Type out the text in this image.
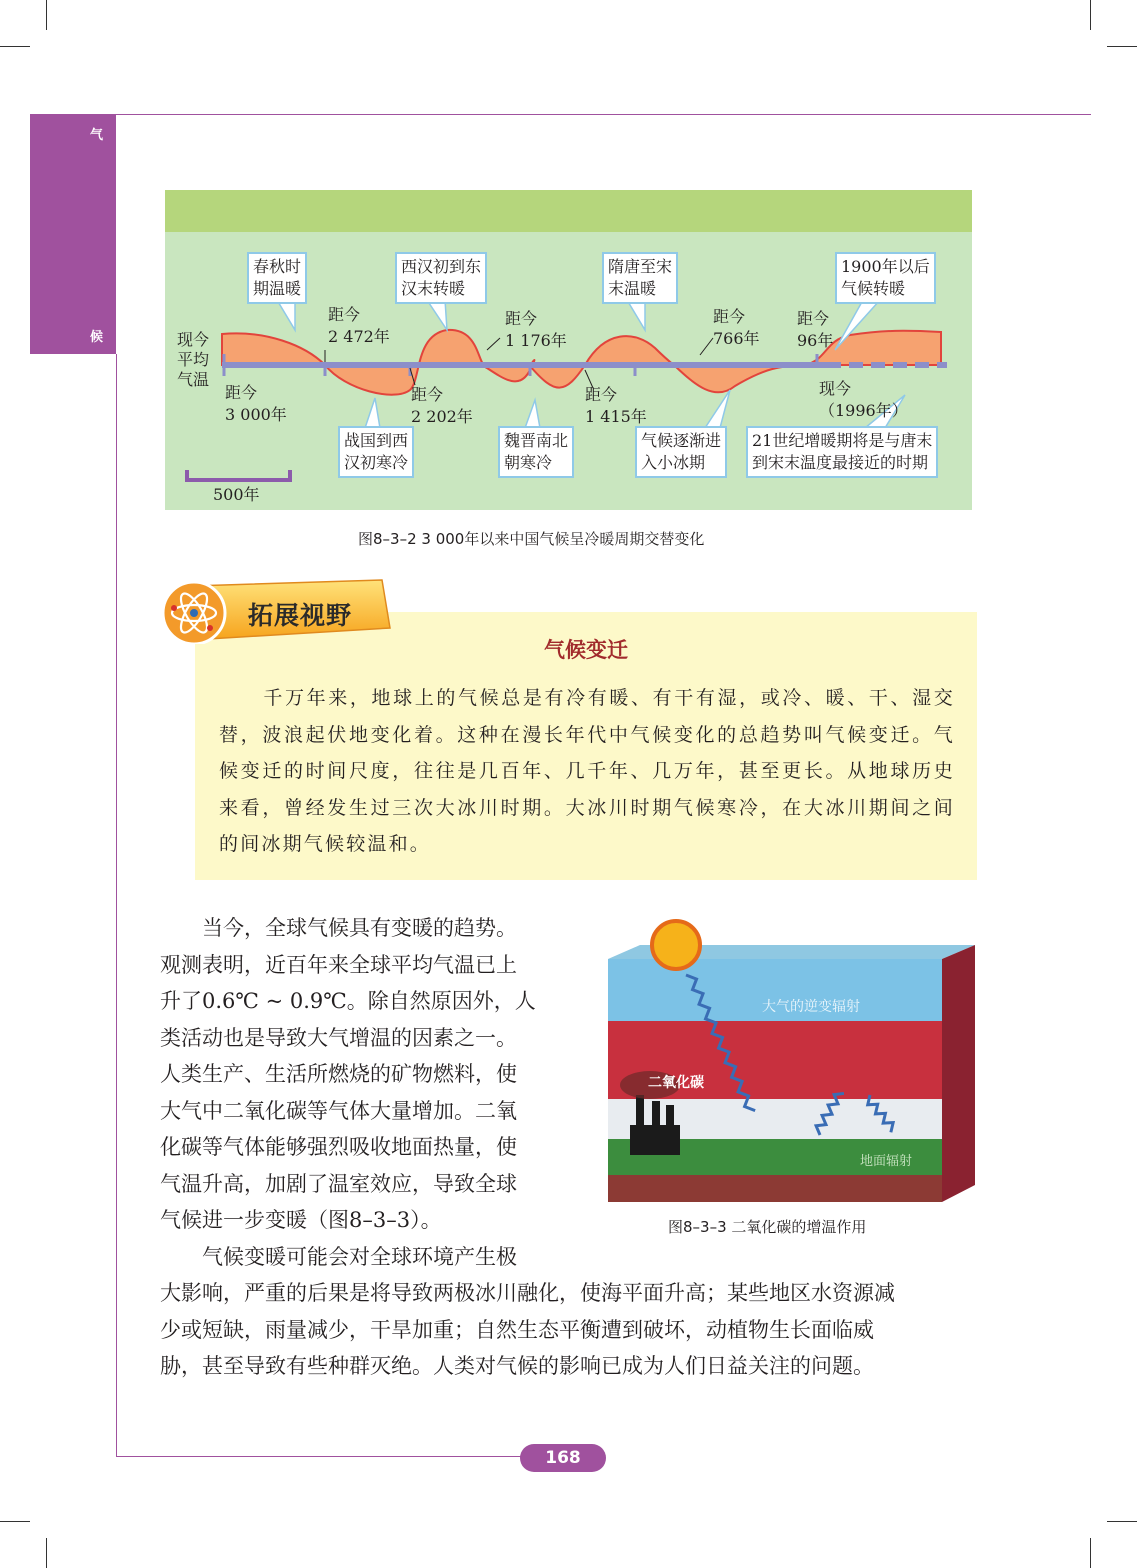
气
候	现今平均气温
距今
2 472年
距今
1 176年
距今
766年
距今
96年
距今
3 000年
距今
2 202年
距今
1 415年
现今
（1996年）
春秋时
期温暖
西汉初到东
汉末转暖
隋唐至宋
末温暖
1900年以后
气候转暖
战国到西
汉初寒冷
魏晋南北
朝寒冷
气候逐渐进
入小冰期
21世纪增暖期将是与唐末
到宋末温度最接近的时期
500年
图8–3–2 3 000年以来中国气候呈冷暖周期交替变化
气候变迁
千万年来，地球上的气候总是有冷有暖、有干有湿，或冷、暖、干、湿交替，波浪起伏地变化着。这种在漫长年代中气候变化的总趋势叫气候变迁。气候变迁的时间尺度，往往是几百年、几千年、几万年，甚至更长。从地球历史来看，曾经发生过三次大冰川时期。大冰川时期气候寒冷，在大冰川期间之间的间冰期气候较温和。
拓展视野

当今，全球气候具有变暖的趋势。

观测表明，近百年来全球平均气温已上

升了0.6℃ ~ 0.9℃。除自然原因外，人

类活动也是导致大气增温的因素之一。

人类生产、生活所燃烧的矿物燃料，使

大气中二氧化碳等气体大量增加。二氧

化碳等气体能够强烈吸收地面热量，使

气温升高，加剧了温室效应，导致全球

气候进一步变暖（图8–3–3）。

气候变暖可能会对全球环境产生极

大影响，严重的后果是将导致两极冰川融化，使海平面升高；某些地区水资源减

少或短缺，雨量减少，干旱加重；自然生态平衡遭到破坏，动植物生长面临威

胁，甚至导致有些种群灭绝。人类对气候的影响已成为人们日益关注的问题。

大气的逆变辐射
二氧化碳
地面辐射
图8–3–3 二氧化碳的增温作用
168
